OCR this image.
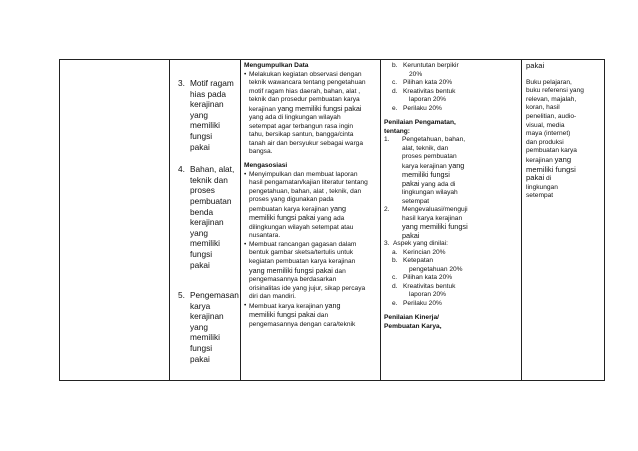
3. Motif ragam
hias pada
kerajinan yang
memiliki fungsi
pakai
4. Bahan, alat,
teknik dan
proses
pembuatan
benda
kerajinan yang
memiliki fungsi
pakai
5. Pengemasan
karya
kerajinan yang
memiliki fungsi
pakai

Mengumpulkan Data
• Melakukan kegiatan observasi dengan
teknik wawancara tentang pengetahuan
motif ragam hias daerah, bahan, alat ,
teknik dan prosedur pembuatan karya
kerajinan yang memiliki fungsi pakai
yang ada di lingkungan wilayah
setempat agar terbangun rasa ingin
tahu, bersikap santun, bangga/cinta
tanah air dan bersyukur sebagai warga
bangsa.
Mengasosiasi
• Menyimpulkan dan membuat laporan
hasil pengamatan/kajian literatur tentang
pengetahuan, bahan, alat , teknik, dan
proses yang digunakan pada
pembuatan karya kerajinan yang
memiliki fungsi pakai yang ada
dilingkungan wilayah setempat atau
nusantara.
• Membuat rancangan gagasan dalam
bentuk gambar sketsa/tertulis untuk
kegiatan pembuatan karya kerajinan
yang memiliki fungsi pakai dan
pengemasannya berdasarkan
orisinalitas ide yang jujur, sikap percaya
diri dan mandiri.
• Membuat karya kerajinan yang
memiliki fungsi pakai dan
pengemasannya dengan cara/teknik

b. Keruntutan berpikir
20%
c. Pilihan kata 20%
d. Kreativitas bentuk
laporan 20%
e. Perilaku 20%
Penilaian Pengamatan,
tentang:
1.	Pengetahuan, bahan,
alat, teknik, dan
proses pembuatan
karya kerajinan yang
memiliki fungsi
pakai yang ada di
lingkungan wilayah
setempat
2.	Mengevaluasi/menguji
hasil karya kerajinan
yang memiliki fungsi
pakai
3. Aspek yang dinilai:
a. Kerincian 20%
b. Ketepatan
pengetahuan 20%
c. Pilihan kata 20%
d. Kreativitas bentuk
laporan 20%
e. Perilaku 20%
Penilaian Kinerja/
Pembuatan Karya,

pakai
Buku pelajaran,
buku referensi yang
relevan, majalah,
koran, hasil
penelitian, audio-
visual, media
maya (internet)
dan produksi
pembuatan karya
kerajinan yang
memiliki fungsi
pakai di
lingkungan
setempat
